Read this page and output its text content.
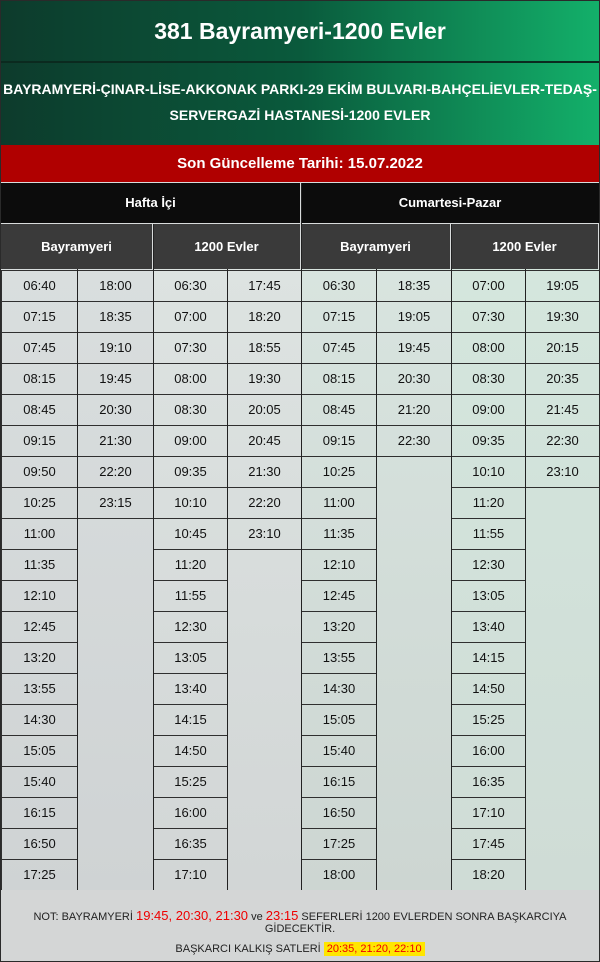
381 Bayramyeri-1200 Evler
BAYRAMYERİ-ÇINAR-LİSE-AKKONAK PARKI-29 EKİM BULVARI-BAHÇELİEVLER-TEDAŞ-
SERVERGAZİ HASTANESİ-1200 EVLER
Son Güncelleme Tarihi: 15.07.2022
Hafta İçi
Bayramyeri
06:40
07:15
07:45
08:15
08:45
09:15
09:50
10:25
11:00
11:35
12:10
12:45
13:20
13:55
14:30
15:05
15:40
16:15
16:50
17:25
18:00
18:35
19:10
19:45
20:30
21:30
22:20
23:15
1200 Evler
06:30
07:00
07:30
08:00
08:30
09:00
09:35
10:10
10:45
11:20
11:55
12:30
13:05
13:40
14:15
14:50
15:25
16:00
16:35
17:10
17:45
18:20
18:55
19:30
20:05
20:45
21:30
22:20
23:10
Cumartesi-Pazar
Bayramyeri
06:30
07:15
07:45
08:15
08:45
09:15
10:25
11:00
11:35
12:10
12:45
13:20
13:55
14:30
15:05
15:40
16:15
16:50
17:25
18:00
18:35
19:05
19:45
20:30
21:20
22:30
1200 Evler
07:00
07:30
08:00
08:30
09:00
09:35
10:10
11:20
11:55
12:30
13:05
13:40
14:15
14:50
15:25
16:00
16:35
17:10
17:45
18:20
19:05
19:30
20:15
20:35
21:45
22:30
23:10
NOT: BAYRAMYERİ 19:45, 20:30, 21:30 ve 23:15 SEFERLERİ 1200 EVLERDEN SONRA BAŞKARCIYA GİDECEKTİR.
BAŞKARCI KALKIŞ SATLERİ 20:35, 21:20, 22:10
